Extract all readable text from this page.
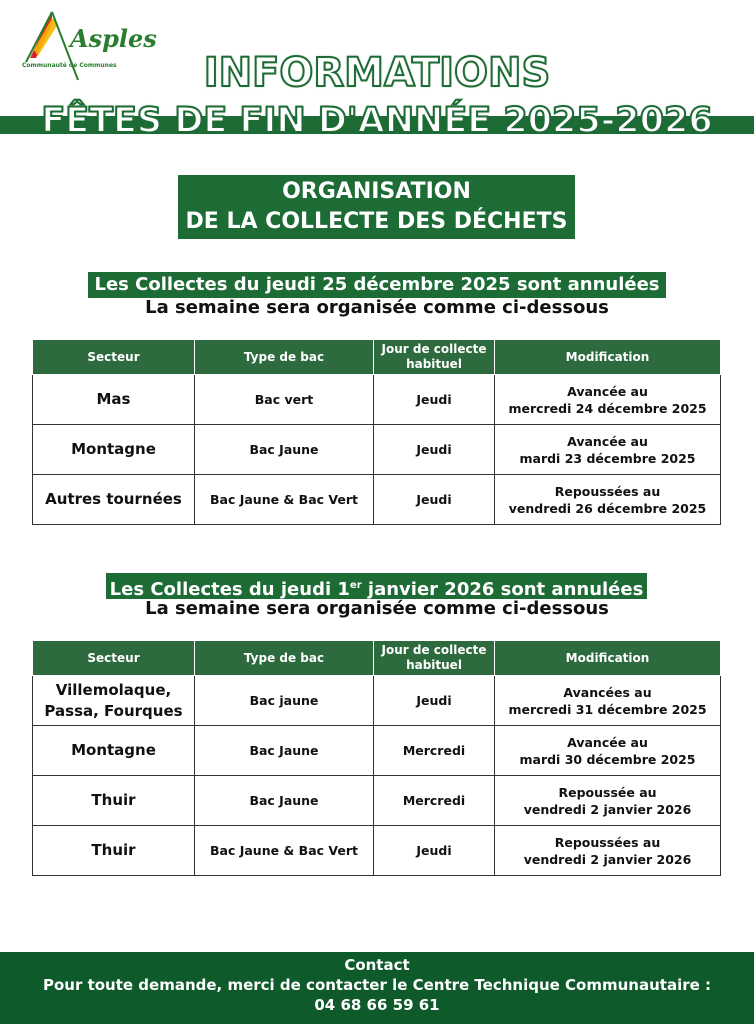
Asples
Communauté de Communes	INFORMATIONS
FÊTES DE FIN D'ANNÉE 2025-2026
ORGANISATION
DE LA COLLECTE DES DÉCHETS
Les Collectes du jeudi 25 décembre 2025 sont annulées
La semaine sera organisée comme ci-dessous
Secteur	Type de bac	Jour de collecte
habituel	Modification
Mas	Bac vert	Jeudi	Avancée au
mercredi 24 décembre 2025
Montagne	Bac Jaune	Jeudi	Avancée au
mardi 23 décembre 2025
Autres tournées	Bac Jaune & Bac Vert	Jeudi	Repoussées au
vendredi 26 décembre 2025
Les Collectes du jeudi 1er janvier 2026 sont annulées
La semaine sera organisée comme ci-dessous
Secteur	Type de bac	Jour de collecte
habituel	Modification
Villemolaque,
Passa, Fourques	Bac jaune	Jeudi	Avancées au
mercredi 31 décembre 2025
Montagne	Bac Jaune	Mercredi	Avancée au
mardi 30 décembre 2025
Thuir	Bac Jaune	Mercredi	Repoussée au
vendredi 2 janvier 2026
Thuir	Bac Jaune & Bac Vert	Jeudi	Repoussées au
vendredi 2 janvier 2026
Contact
Pour toute demande, merci de contacter le Centre Technique Communautaire :
04 68 66 59 61
